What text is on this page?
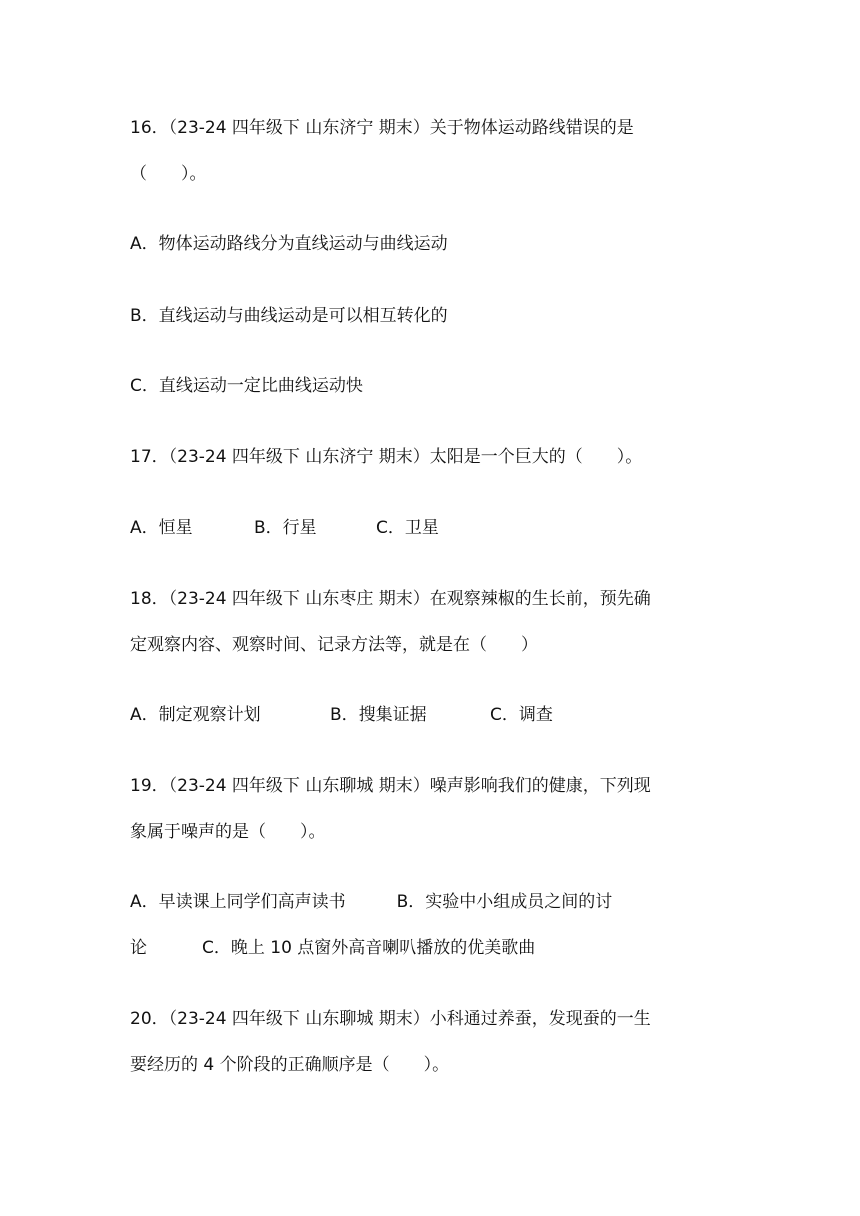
16．（23-24 四年级下 山东济宁 期末）关于物体运动路线错误的是
（　　）。
A．物体运动路线分为直线运动与曲线运动
B．直线运动与曲线运动是可以相互转化的
C．直线运动一定比曲线运动快
17．（23-24 四年级下 山东济宁 期末）太阳是一个巨大的（　　）。
A．恒星	B．行星	C．卫星
18．（23-24 四年级下 山东枣庄 期末）在观察辣椒的生长前，预先确
定观察内容、观察时间、记录方法等，就是在（　　）
A．制定观察计划	B．搜集证据	C．调查
19．（23-24 四年级下 山东聊城 期末）噪声影响我们的健康，下列现
象属于噪声的是（　　）。
A．早读课上同学们高声读书　　　B．实验中小组成员之间的讨
论	C．晚上 10 点窗外高音喇叭播放的优美歌曲
20．（23-24 四年级下 山东聊城 期末）小科通过养蚕，发现蚕的一生
要经历的 4 个阶段的正确顺序是（　　）。
